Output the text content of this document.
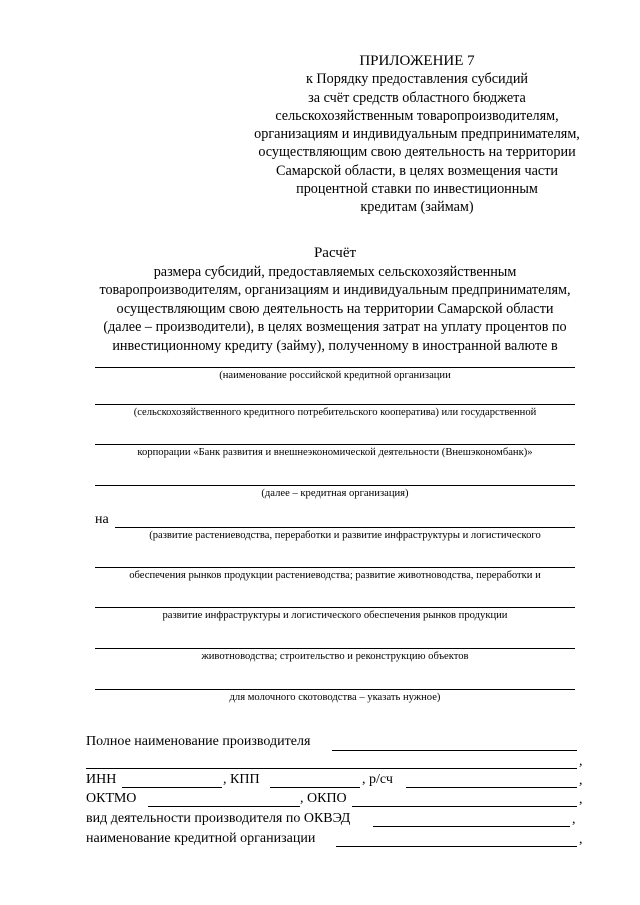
ПРИЛОЖЕНИЕ 7
к Порядку предоставления субсидий
за счёт средств областного бюджета
сельскохозяйственным товаропроизводителям,
организациям и индивидуальным предпринимателям,
осуществляющим свою деятельность на территории
Самарской области, в целях возмещения части
процентной ставки по инвестиционным
кредитам (займам)
Расчёт
размера субсидий, предоставляемых сельскохозяйственным
товаропроизводителям, организациям и индивидуальным предпринимателям,
осуществляющим свою деятельность на территории Самарской области
(далее – производители), в целях возмещения затрат на уплату процентов по
инвестиционному кредиту (займу), полученному в иностранной валюте в
(наименование российской кредитной организации
(сельскохозяйственного кредитного потребительского кооператива) или государственной
корпорации «Банк развития и внешнеэкономической деятельности (Внешэкономбанк)»
(далее – кредитная организация)
на
(развитие растениеводства, переработки и развитие инфраструктуры и логистического
обеспечения рынков продукции растениеводства; развитие животноводства, переработки и
развитие инфраструктуры и логистического обеспечения рынков продукции
животноводства; строительство и реконструкцию объектов
для молочного скотоводства – указать нужное)
Полное наименование производителя
,
ИНН	, КПП	, р/сч	,
ОКТМО	, ОКПО	,
вид деятельности производителя по ОКВЭД	,
наименование кредитной организации	,
